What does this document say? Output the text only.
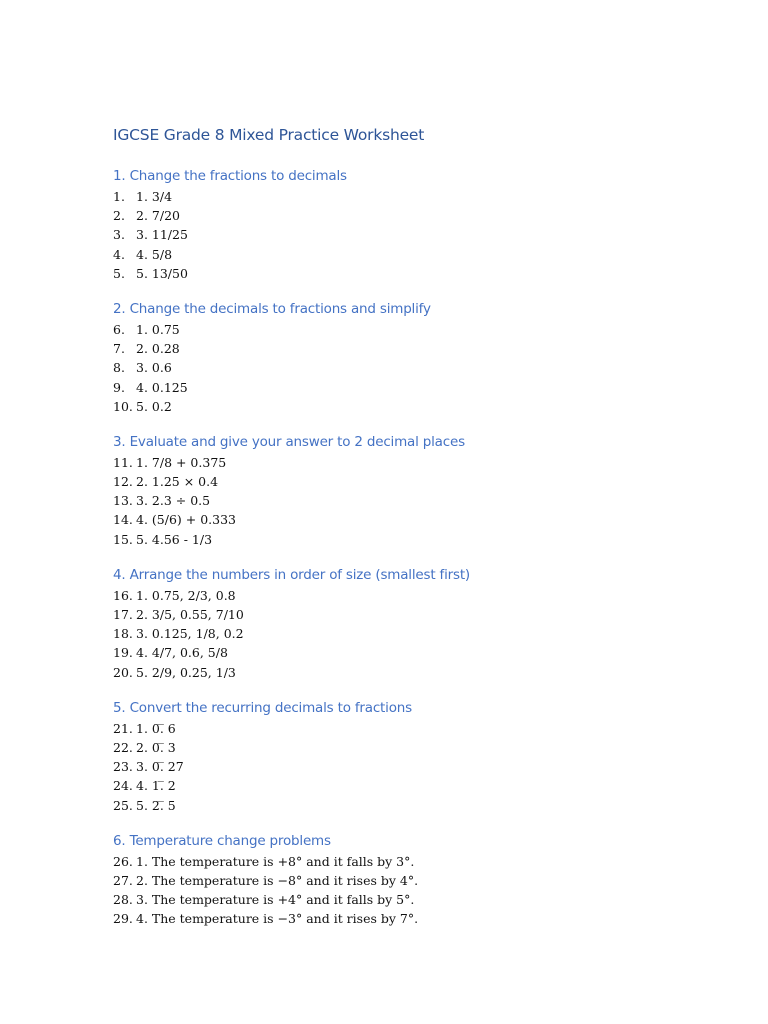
IGCSE Grade 8 Mixed Practice Worksheet
1. Change the fractions to decimals
1. 1. 3/4
2. 2. 7/20
3. 3. 11/25
4. 4. 5/8
5. 5. 13/50
2. Change the decimals to fractions and simplify
6. 1. 0.75
7. 2. 0.28
8. 3. 0.6
9. 4. 0.125
10. 5. 0.2
3. Evaluate and give your answer to 2 decimal places
11. 1. 7/8 + 0.375
12. 2. 1.25 × 0.4
13. 3. 2.3 ÷ 0.5
14. 4. (5/6) + 0.333
15. 5. 4.56 - 1/3
4. Arrange the numbers in order of size (smallest first)
16. 1. 0.75, 2/3, 0.8
17. 2. 3/5, 0.55, 7/10
18. 3. 0.125, 1/8, 0.2
19. 4. 4/7, 0.6, 5/8
20. 5. 2/9, 0.25, 1/3
5. Convert the recurring decimals to fractions
21. 1. 0.̅ 6
22. 2. 0.̅ 3
23. 3. 0.̅ 27
24. 4. 1.̅ 2
25. 5. 2.̅ 5
6. Temperature change problems
26. 1. The temperature is +8° and it falls by 3°.
27. 2. The temperature is −8° and it rises by 4°.
28. 3. The temperature is +4° and it falls by 5°.
29. 4. The temperature is −3° and it rises by 7°.
